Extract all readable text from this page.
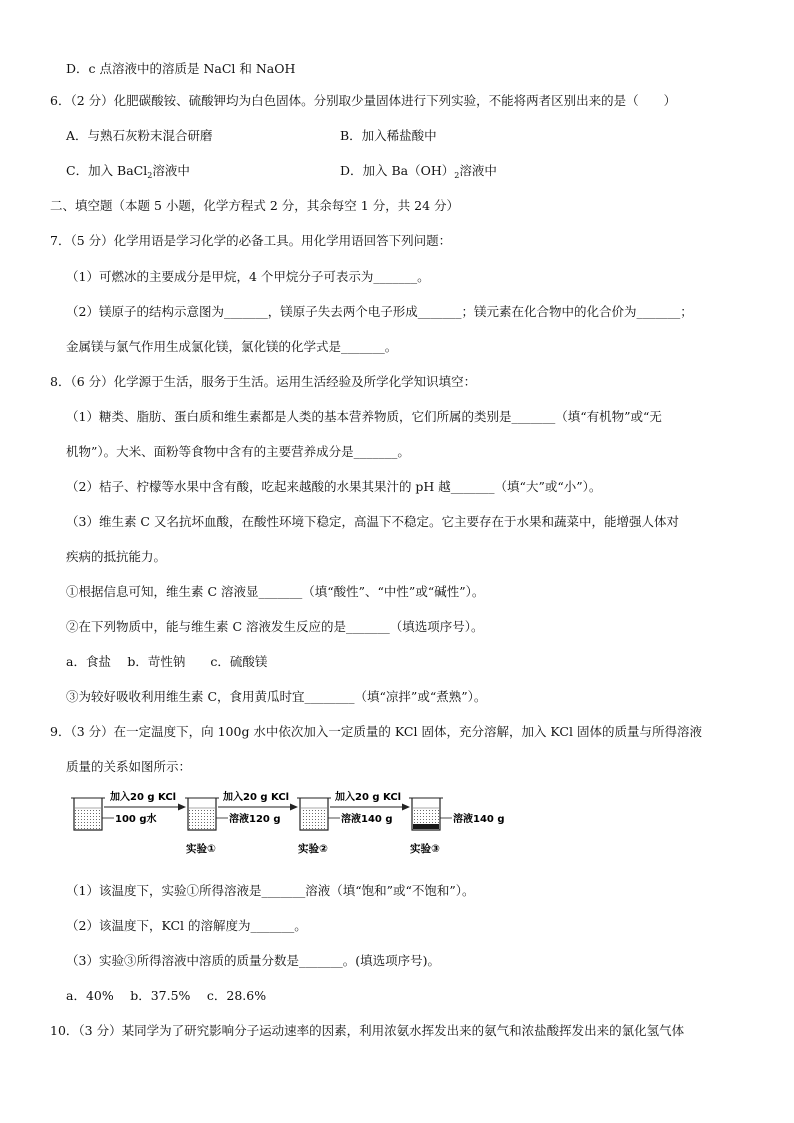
D．c 点溶液中的溶质是 NaCl 和 NaOH
6．（2 分）化肥碳酸铵、硫酸钾均为白色固体。分别取少量固体进行下列实验，不能将两者区别出来的是（　　）
A．与熟石灰粉末混合研磨	B．加入稀盐酸中
C．加入 BaCl$_2$溶液中	D．加入 $Ba(OH)_2$溶液中
二、填空题（本题 5 小题，化学方程式 2 分，其余每空 1 分，共 24 分）
7．（5 分）化学用语是学习化学的必备工具。用化学用语回答下列问题：
（1）可燃冰的主要成分是甲烷，4 个甲烷分子可表示为_______。
（2）镁原子的结构示意图为_______，镁原子失去两个电子形成_______；镁元素在化合物中的化合价为_______；
金属镁与氯气作用生成氯化镁，氯化镁的化学式是_______。
8．（6 分）化学源于生活，服务于生活。运用生活经验及所学化学知识填空：
（1）糖类、脂肪、蛋白质和维生素都是人类的基本营养物质，它们所属的类别是_______（填“有机物”或“无
机物”）。大米、面粉等食物中含有的主要营养成分是_______。
（2）桔子、柠檬等水果中含有酸，吃起来越酸的水果其果汁的 pH 越_______（填“大”或“小”）。
（3）维生素 C 又名抗坏血酸，在酸性环境下稳定，高温下不稳定。它主要存在于水果和蔬菜中，能增强人体对
疾病的抵抗能力。
①根据信息可知，维生素 C 溶液显_______（填“酸性”、“中性”或“碱性”）。
②在下列物质中，能与维生素 C 溶液发生反应的是_______（填选项序号）。
a．食盐　 b．苛性钠　　c．硫酸镁
③为较好吸收利用维生素 C，食用黄瓜时宜________（填“凉拌”或“煮熟”）。
9．（3 分）在一定温度下，向 100g 水中依次加入一定质量的 KCl 固体，充分溶解，加入 KCl 固体的质量与所得溶液
质量的关系如图所示：
100 g水
加入20 g KCl
溶液120 g
实验①
加入20 g KCl
溶液140 g
实验②
加入20 g KCl
溶液140 g
实验③
（1）该温度下，实验①所得溶液是_______溶液（填“饱和”或“不饱和”）。
（2）该温度下，KCl 的溶解度为_______。
（3）实验③所得溶液中溶质的质量分数是_______。(填选项序号)。
a．40%　 b．37.5%　 c．28.6%
10．（3 分）某同学为了研究影响分子运动速率的因素，利用浓氨水挥发出来的氨气和浓盐酸挥发出来的氯化氢气体
